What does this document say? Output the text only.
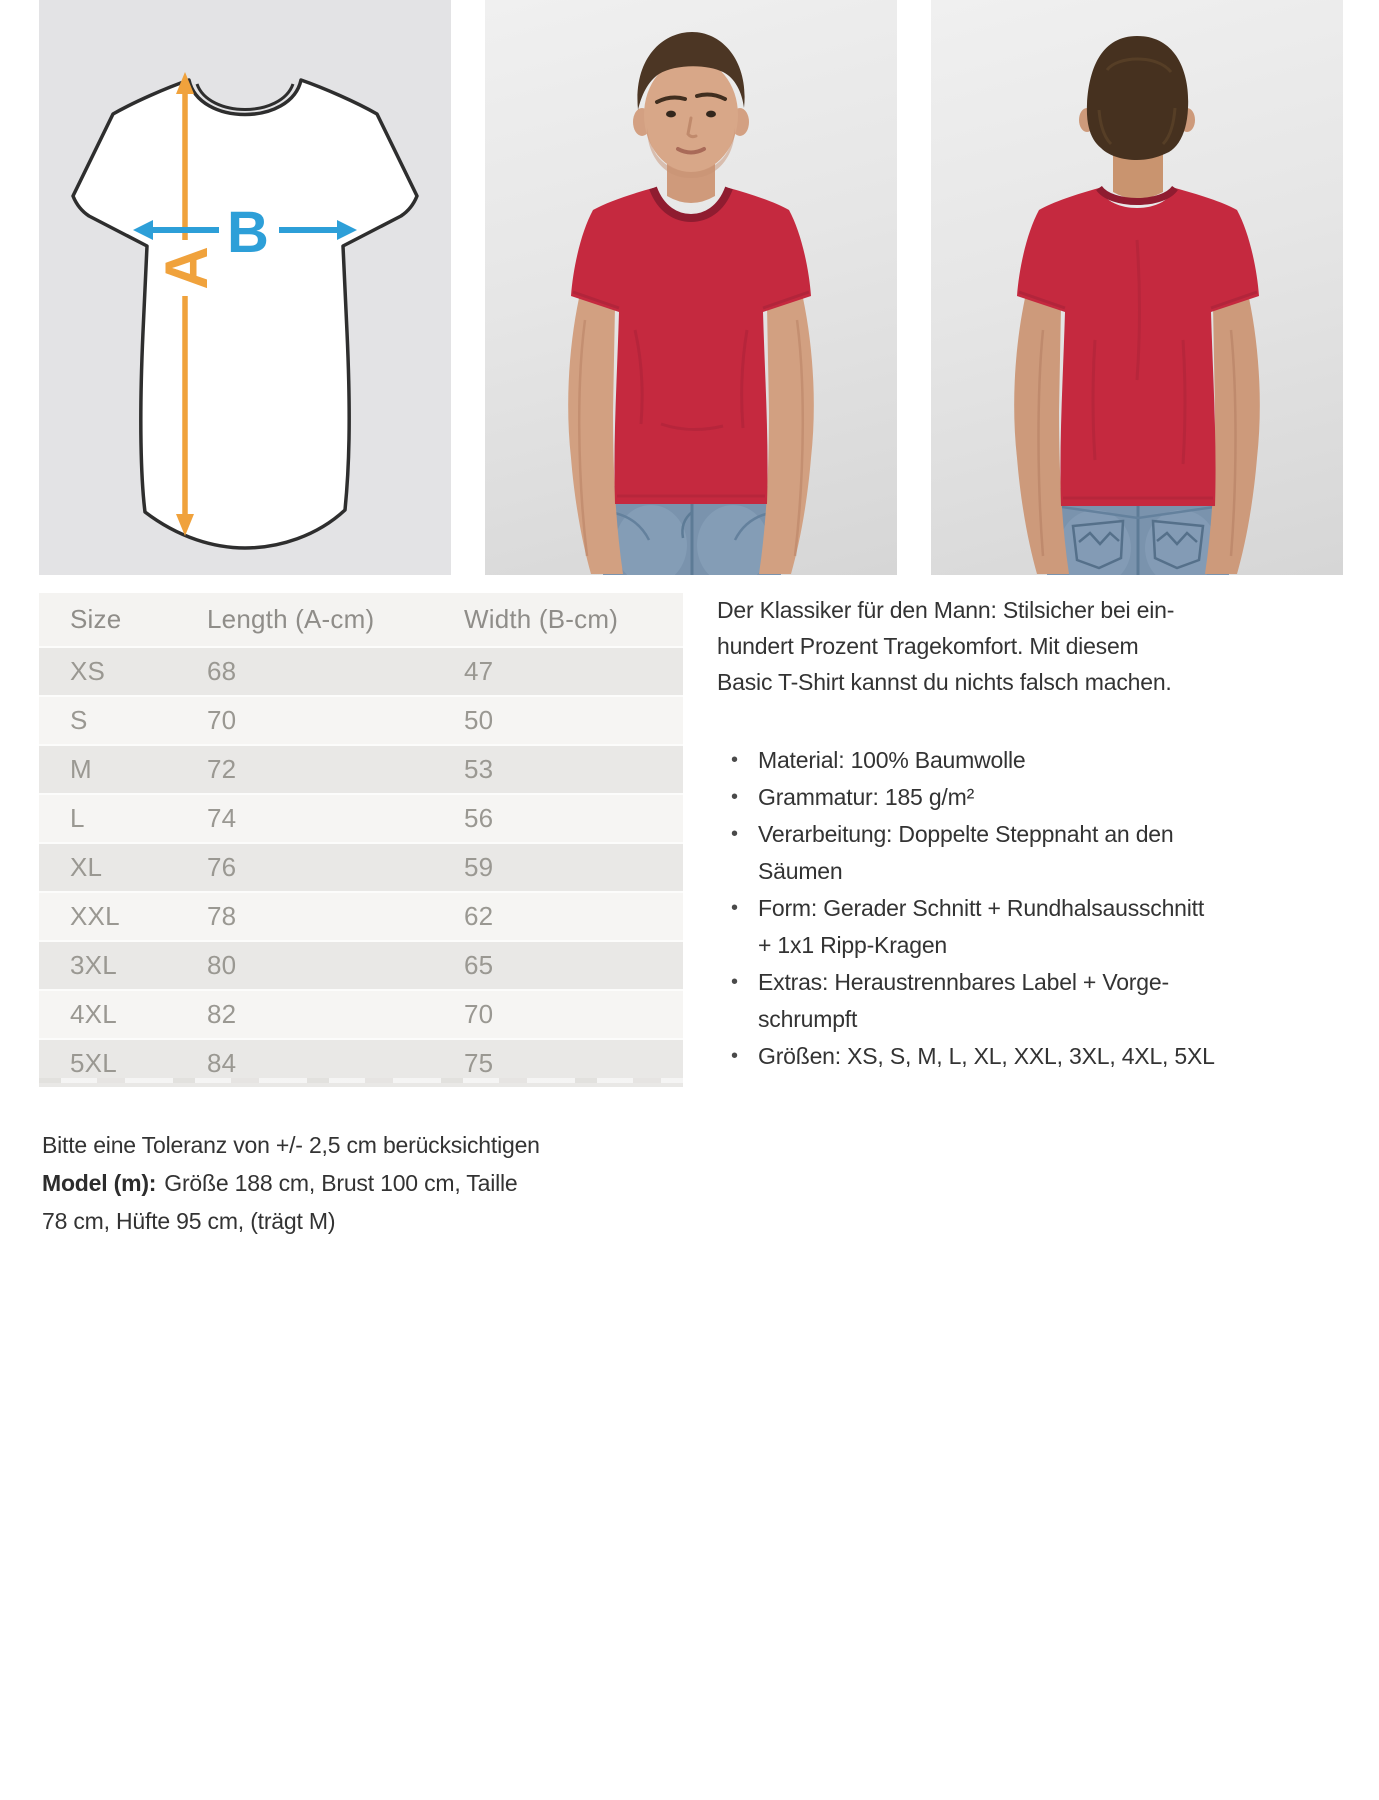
A
B
Size	Length (A-cm)	Width (B-cm)
XS	68	47
S	70	50
M	72	53
L	74	56
XL	76	59
XXL	78	62
3XL	80	65
4XL	82	70
5XL	84	75

Der Klassiker für den Mann: Stilsicher bei ein-
hundert Prozent Tragekomfort. Mit diesem
Basic T-Shirt kannst du nichts falsch machen.

• Material: 100% Baumwolle
• Grammatur: 185 g/m²
• Verarbeitung: Doppelte Steppnaht an den
Säumen
• Form: Gerader Schnitt + Rundhalsausschnitt
+ 1x1 Ripp-Kragen
• Extras: Heraustrennbares Label + Vorge-
schrumpft
• Größen: XS, S, M, L, XL, XXL, 3XL, 4XL, 5XL

Bitte eine Toleranz von +/- 2,5 cm berücksichtigen

Model (m): Größe 188 cm, Brust 100 cm, Taille

78 cm, Hüfte 95 cm, (trägt M)
